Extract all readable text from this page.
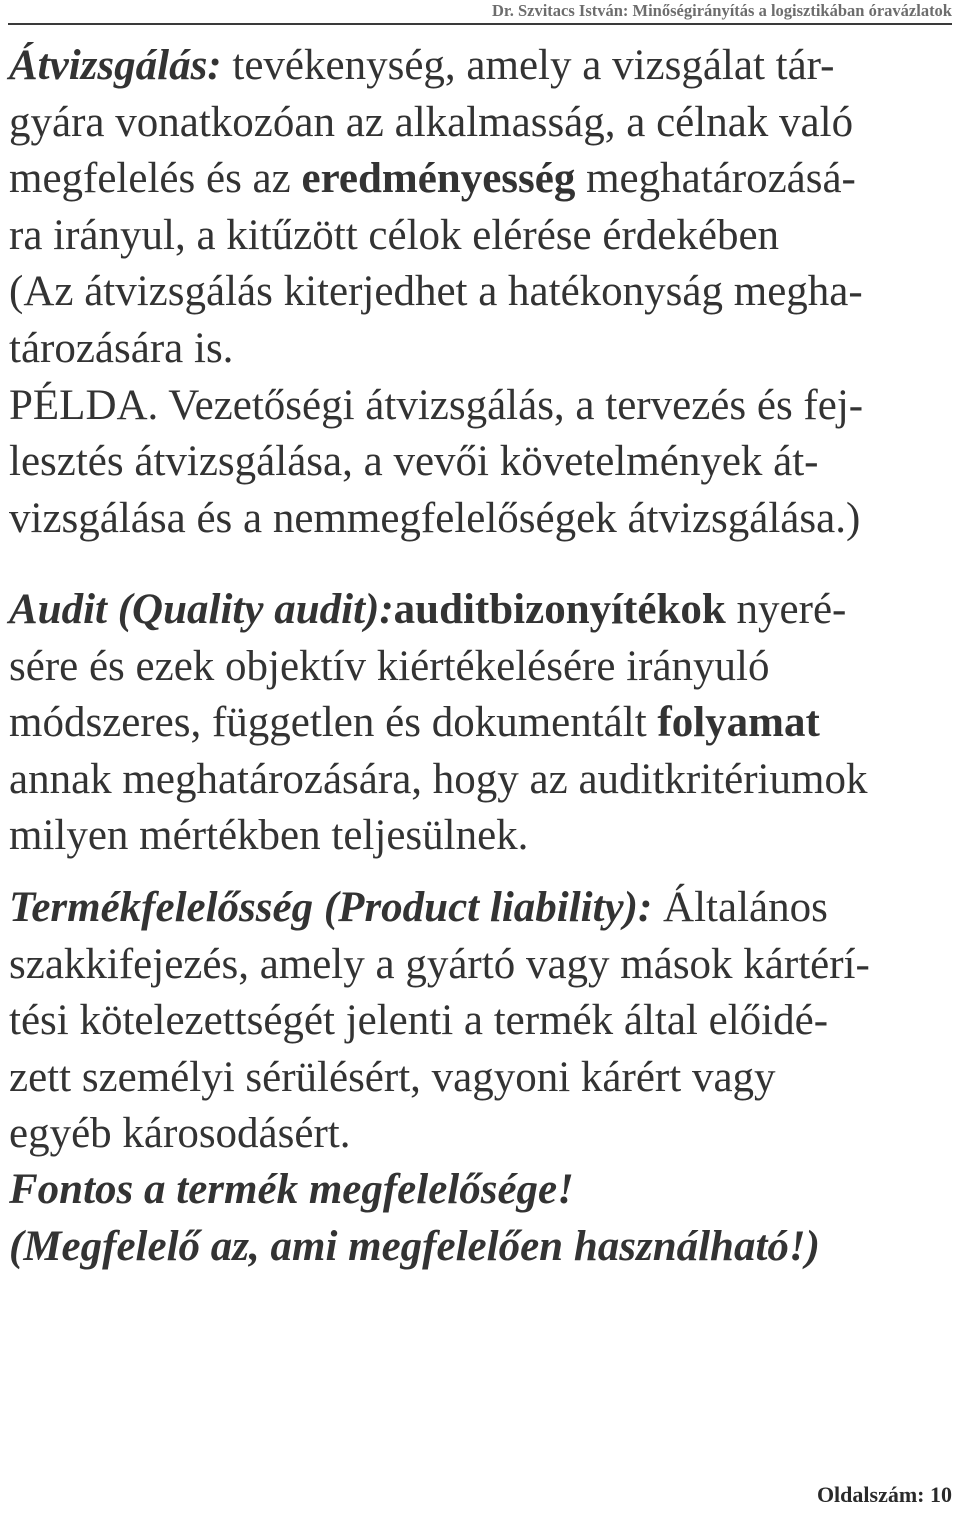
Dr. Szvitacs István: Minőségirányítás a logisztikában óravázlatok
Átvizsgálás: tevékenység, amely a vizsgálat tár-
gyára vonatkozóan az alkalmasság, a célnak való
megfelelés és az eredményesség meghatározásá-
ra irányul, a kitűzött célok elérése érdekében
(Az átvizsgálás kiterjedhet a hatékonyság megha-
tározására is.
PÉLDA. Vezetőségi átvizsgálás, a tervezés és fej-
lesztés átvizsgálása, a vevői követelmények át-
vizsgálása és a nemmegfelelőségek átvizsgálása.)
Audit (Quality audit):auditbizonyítékok nyeré-
sére és ezek objektív kiértékelésére irányuló
módszeres, független és dokumentált folyamat
annak meghatározására, hogy az auditkritériumok
milyen mértékben teljesülnek.
Termékfelelősség (Product liability): Általános
szakkifejezés, amely a gyártó vagy mások kártérí-
tési kötelezettségét jelenti a termék által előidé-
zett személyi sérülésért, vagyoni kárért vagy
egyéb károsodásért.
Fontos a termék megfelelősége!
(Megfelelő az, ami megfelelően használható!)
Oldalszám: 10
